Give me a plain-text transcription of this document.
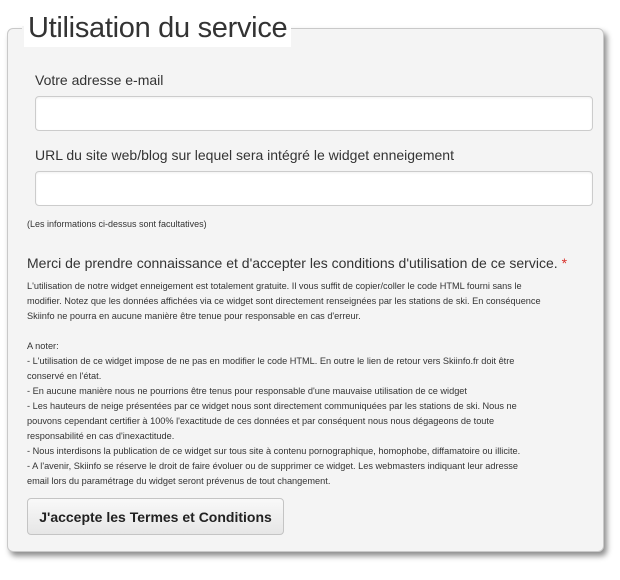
Votre adresse e-mail
URL du site web/blog sur lequel sera intégré le widget enneigement
Utilisation du service
(Les informations ci-dessus sont facultatives)
Merci de prendre connaissance et d'accepter les conditions d'utilisation de ce service. *

L'utilisation de notre widget enneigement est totalement gratuite. Il vous suffit de copier/coller le code HTML fourni sans le

modifier. Notez que les données affichées via ce widget sont directement renseignées par les stations de ski. En conséquence

Skiinfo ne pourra en aucune manière être tenue pour responsable en cas d'erreur.

A noter:

- L'utilisation de ce widget impose de ne pas en modifier le code HTML. En outre le lien de retour vers Skiinfo.fr doit être

conservé en l'état.

- En aucune manière nous ne pourrions être tenus pour responsable d'une mauvaise utilisation de ce widget

- Les hauteurs de neige présentées par ce widget nous sont directement communiquées par les stations de ski. Nous ne

pouvons cependant certifier à 100% l'exactitude de ces données et par conséquent nous nous dégageons de toute

responsabilité en cas d'inexactitude.

- Nous interdisons la publication de ce widget sur tous site à contenu pornographique, homophobe, diffamatoire ou illicite.

- A l'avenir, Skiinfo se réserve le droit de faire évoluer ou de supprimer ce widget. Les webmasters indiquant leur adresse

email lors du paramétrage du widget seront prévenus de tout changement.

J'accepte les Termes et Conditions
